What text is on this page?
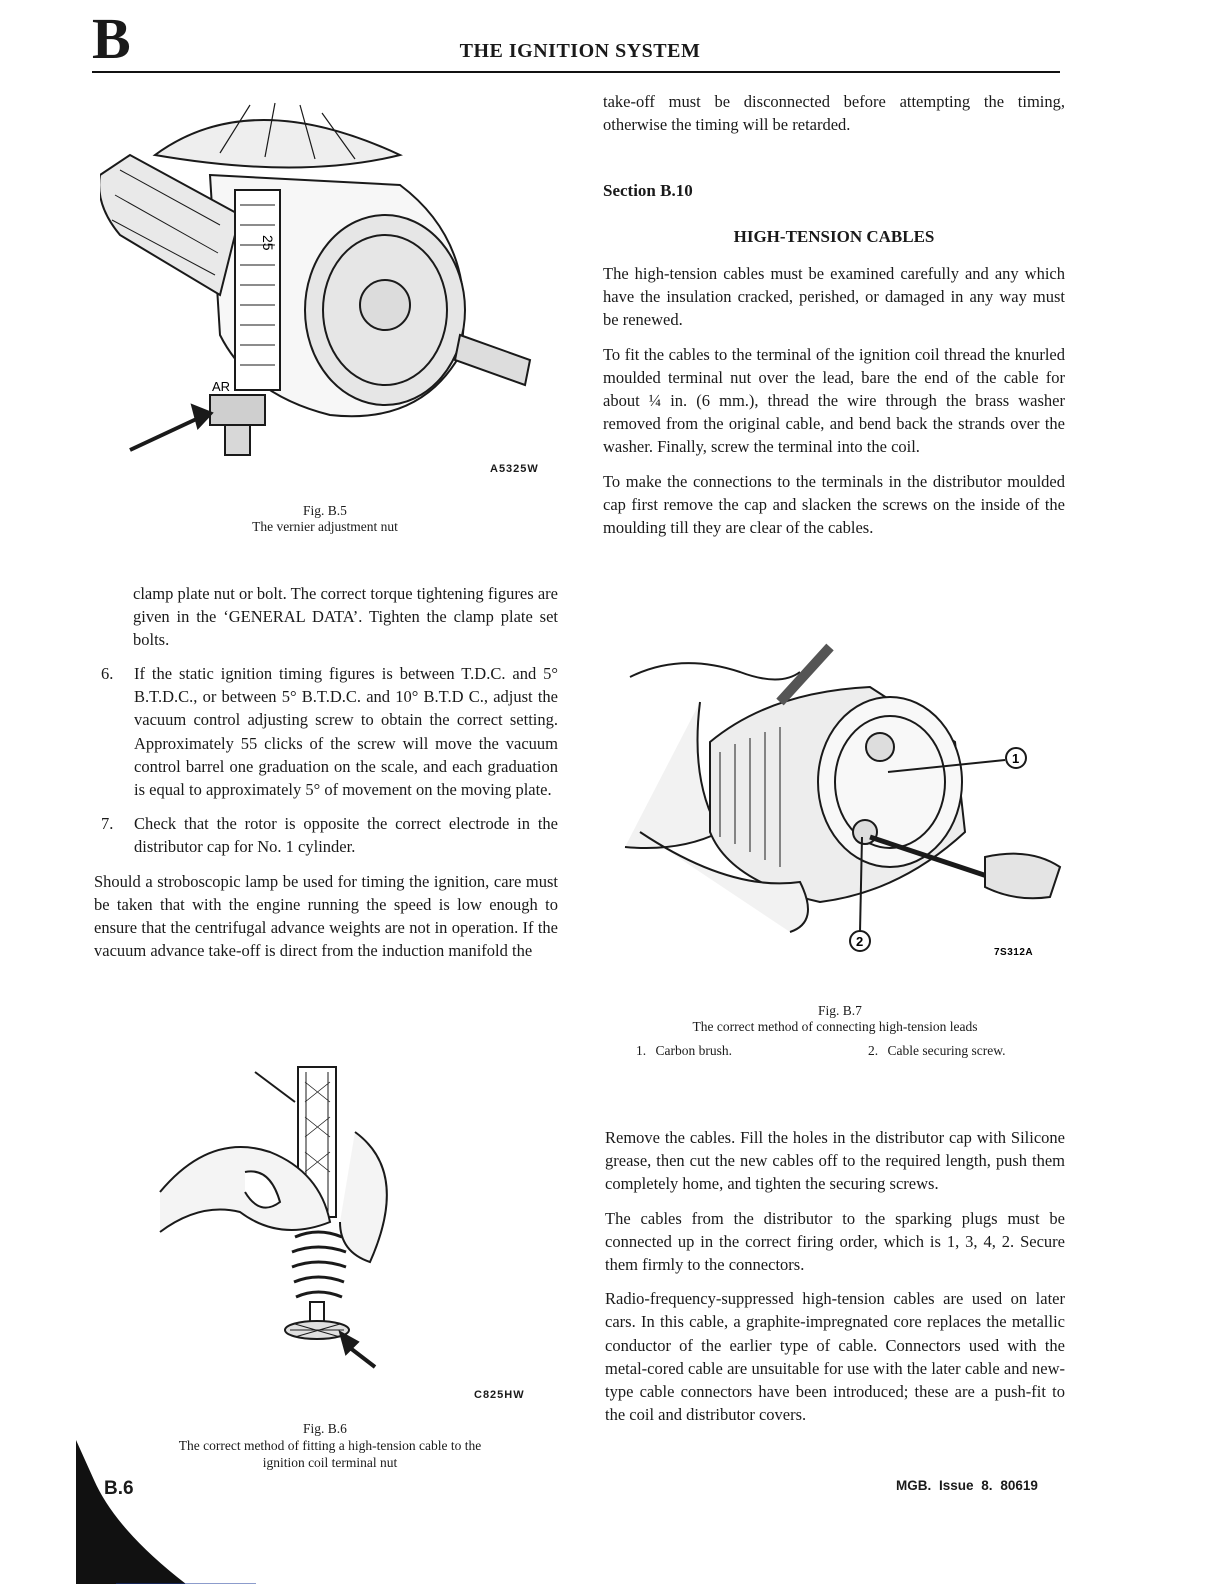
B	THE IGNITION SYSTEM

take-off must be disconnected before attempting the timing, otherwise the timing will be retarded.

Section B.10
HIGH-TENSION CABLES

The high-tension cables must be examined carefully and any which have the insulation cracked, perished, or damaged in any way must be renewed.

To fit the cables to the terminal of the ignition coil thread the knurled moulded terminal nut over the lead, bare the end of the cable for about ¼ in. (6 mm.), thread the wire through the brass washer removed from the original cable, and bend back the strands over the washer. Finally, screw the terminal into the coil.

To make the connections to the terminals in the distributor moulded cap first remove the cap and slacken the screws on the inside of the moulding till they are clear of the cables.

25
AR
A5325W
Fig. B.5
The vernier adjustment nut
clamp plate nut or bolt. The correct torque tightening figures are given in the ‘GENERAL DATA’. Tighten the clamp plate set bolts.
6. If the static ignition timing figures is between T.D.C. and 5° B.T.D.C., or between 5° B.T.D.C. and 10° B.T.D C., adjust the vacuum control adjusting screw to obtain the correct setting. Approximately 55 clicks of the screw will move the vacuum control barrel one graduation on the scale, and each graduation is equal to approximately 5° of movement on the moving plate.
7. Check that the rotor is opposite the correct electrode in the distributor cap for No. 1 cylinder.

Should a stroboscopic lamp be used for timing the ignition, care must be taken that with the engine running the speed is low enough to ensure that the centrifugal advance weights are not in operation. If the vacuum advance take-off is direct from the induction manifold the

1
2
7S312A
Fig. B.7
The correct method of connecting high-tension leads
1. Carbon brush.	2. Cable securing screw.

Remove the cables. Fill the holes in the distributor cap with Silicone grease, then cut the new cables off to the required length, push them completely home, and tighten the securing screws.

The cables from the distributor to the sparking plugs must be connected up in the correct firing order, which is 1, 3, 4, 2. Secure them firmly to the connectors.

Radio-frequency-suppressed high-tension cables are used on later cars. In this cable, a graphite-impregnated core replaces the metallic conductor of the earlier type of cable. Connectors used with the metal-cored cable are unsuitable for use with the later cable and new-type cable connectors have been introduced; these are a push-fit to the coil and distributor covers.

C825HW
Fig. B.6
The correct method of fitting a high-tension cable to the
ignition coil terminal nut
B.6	MGB. Issue 8. 80619
